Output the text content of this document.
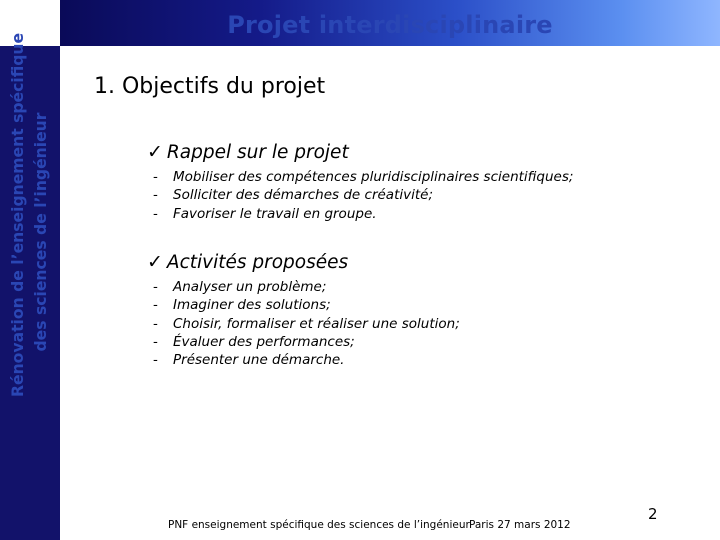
Projet interdisciplinaire
Rénovation de l’enseignement spécifique des sciences de l’ingénieur
1. Objectifs du projet
✓ Rappel sur le projet
-	Mobiliser des compétences pluridisciplinaires scientifiques;
-	Solliciter des démarches de créativité;
-	Favoriser le travail en groupe.
✓ Activités proposées
-	Analyser un problème;
-	Imaginer des solutions;
-	Choisir, formaliser et réaliser une solution;
-	Évaluer des performances;
-	Présenter une démarche.
PNF enseignement spécifique des sciences de l’ingénieur Paris 27 mars 2012
2
